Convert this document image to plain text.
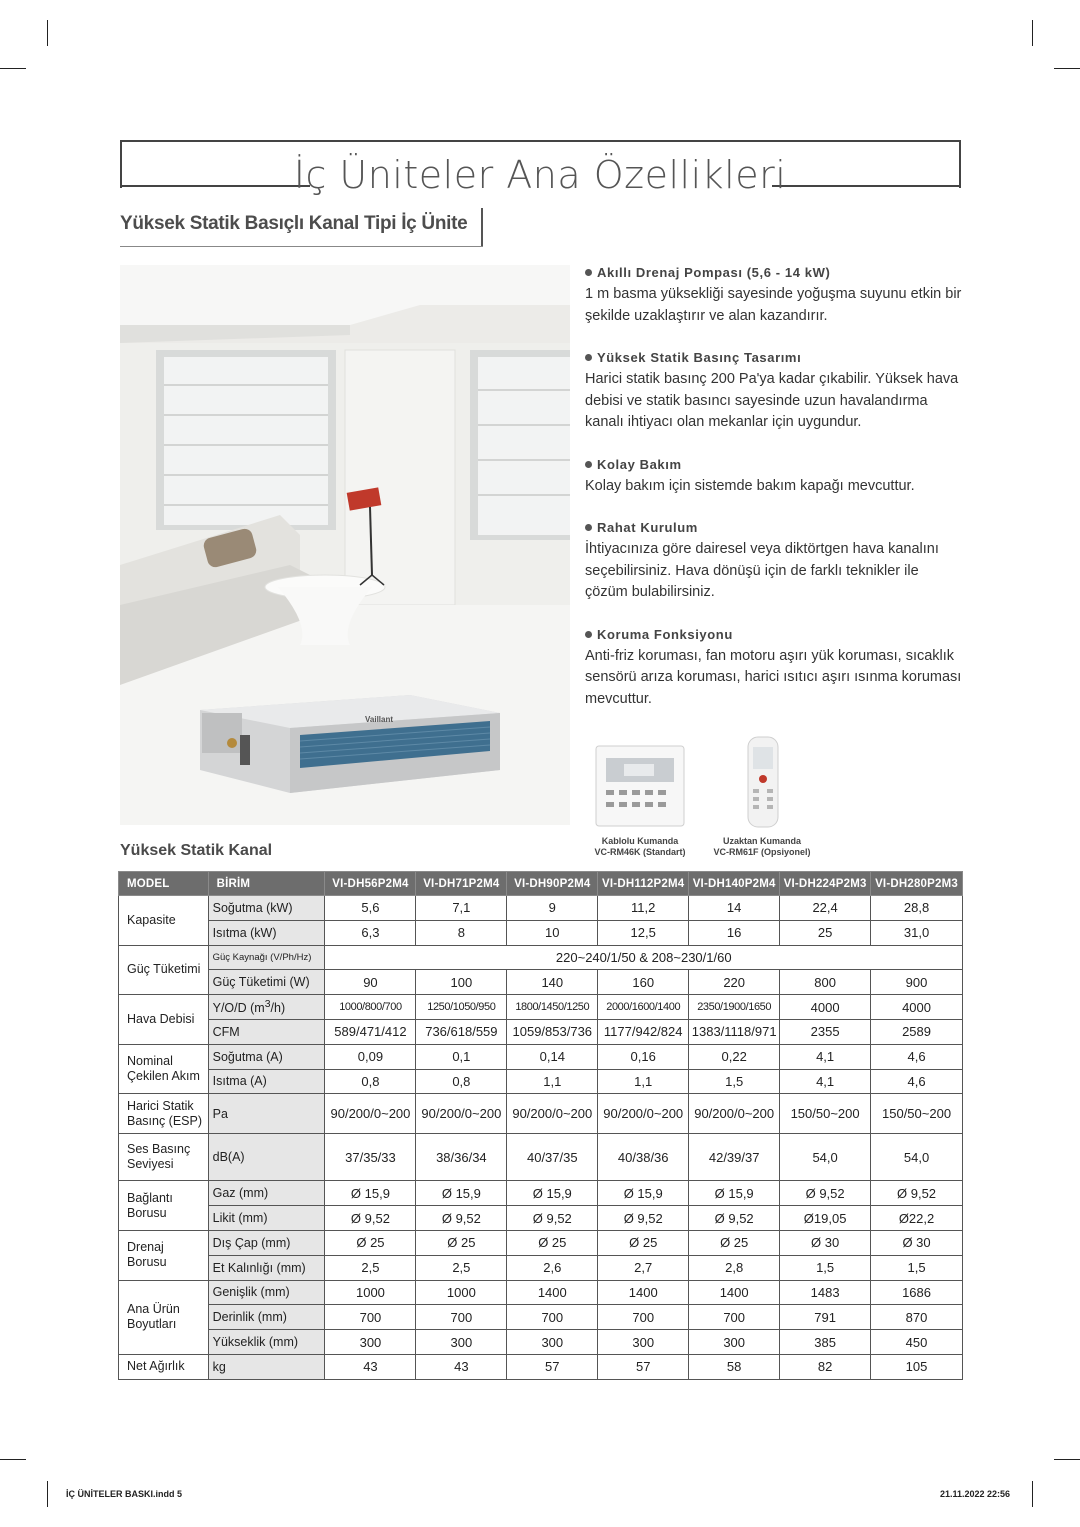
İç Üniteler Ana Özellikleri
Yüksek Statik Basıçlı Kanal Tipi İç Ünite
Vaillant
Akıllı Drenaj Pompası (5,6 - 14 kW)
1 m basma yüksekliği sayesinde yoğuşma suyunu etkin bir şekilde uzaklaştırır ve alan kazandırır.
Yüksek Statik Basınç Tasarımı
Harici statik basınç 200 Pa'ya kadar çıkabilir. Yüksek hava debisi ve statik basıncı sayesinde uzun havalandırma kanalı ihtiyacı olan mekanlar için uygundur.
Kolay Bakım
Kolay bakım için sistemde bakım kapağı mevcuttur.
Rahat Kurulum
İhtiyacınıza göre dairesel veya diktörtgen hava kanalını seçebilirsiniz. Hava dönüşü için de farklı teknikler ile çözüm bulabilirsiniz.
Koruma Fonksiyonu
Anti-friz koruması, fan motoru aşırı yük koruması, sıcaklık sensörü arıza koruması, harici ısıtıcı aşırı ısınma koruması mevcuttur.
Kablolu Kumanda
VC-RM46K (Standart)
Uzaktan Kumanda
VC-RM61F (Opsiyonel)
Yüksek Statik Kanal
MODEL	BİRİM	VI-DH56P2M4	VI-DH71P2M4	VI-DH90P2M4	VI-DH112P2M4	VI-DH140P2M4	VI-DH224P2M3	VI-DH280P2M3
Kapasite	Soğutma (kW)	5,6	7,1	9	11,2	14	22,4	28,8
	Isıtma (kW)	6,3	8	10	12,5	16	25	31,0
Güç Tüketimi	Güç Kaynağı (V/Ph/Hz)	220~240/1/50 & 208~230/1/60						
	Güç Tüketimi (W)	90	100	140	160	220	800	900
Hava Debisi	Y/O/D $(m^3/h)$	1000/800/700	1250/1050/950	1800/1450/1250	2000/1600/1400	2350/1900/1650	4000	4000
	CFM	589/471/412	736/618/559	1059/853/736	1177/942/824	1383/1118/971	2355	2589
Nominal Çekilen Akım	Soğutma (A)	0,09	0,1	0,14	0,16	0,22	4,1	4,6
	Isıtma (A)	0,8	0,8	1,1	1,1	1,5	4,1	4,6
Harici Statik Basınç (ESP)	Pa	90/200/0~200	90/200/0~200	90/200/0~200	90/200/0~200	90/200/0~200	150/50~200	150/50~200
Ses Basınç Seviyesi	dB(A)	37/35/33	38/36/34	40/37/35	40/38/36	42/39/37	54,0	54,0
Bağlantı Borusu	Gaz (mm)	Ø 15,9	Ø 15,9	Ø 15,9	Ø 15,9	Ø 15,9	Ø 9,52	Ø 9,52
	Likit (mm)	Ø 9,52	Ø 9,52	Ø 9,52	Ø 9,52	Ø 9,52	Ø19,05	Ø22,2
Drenaj Borusu	Dış Çap (mm)	Ø 25	Ø 25	Ø 25	Ø 25	Ø 25	Ø 30	Ø 30
	Et Kalınlığı (mm)	2,5	2,5	2,6	2,7	2,8	1,5	1,5
Ana Ürün Boyutları	Genişlik (mm)	1000	1000	1400	1400	1400	1483	1686
	Derinlik (mm)	700	700	700	700	700	791	870
	Yükseklik (mm)	300	300	300	300	300	385	450
Net Ağırlık	kg	43	43	57	57	58	82	105
İÇ ÜNİTELER BASKI.indd 5	21.11.2022 22:56
